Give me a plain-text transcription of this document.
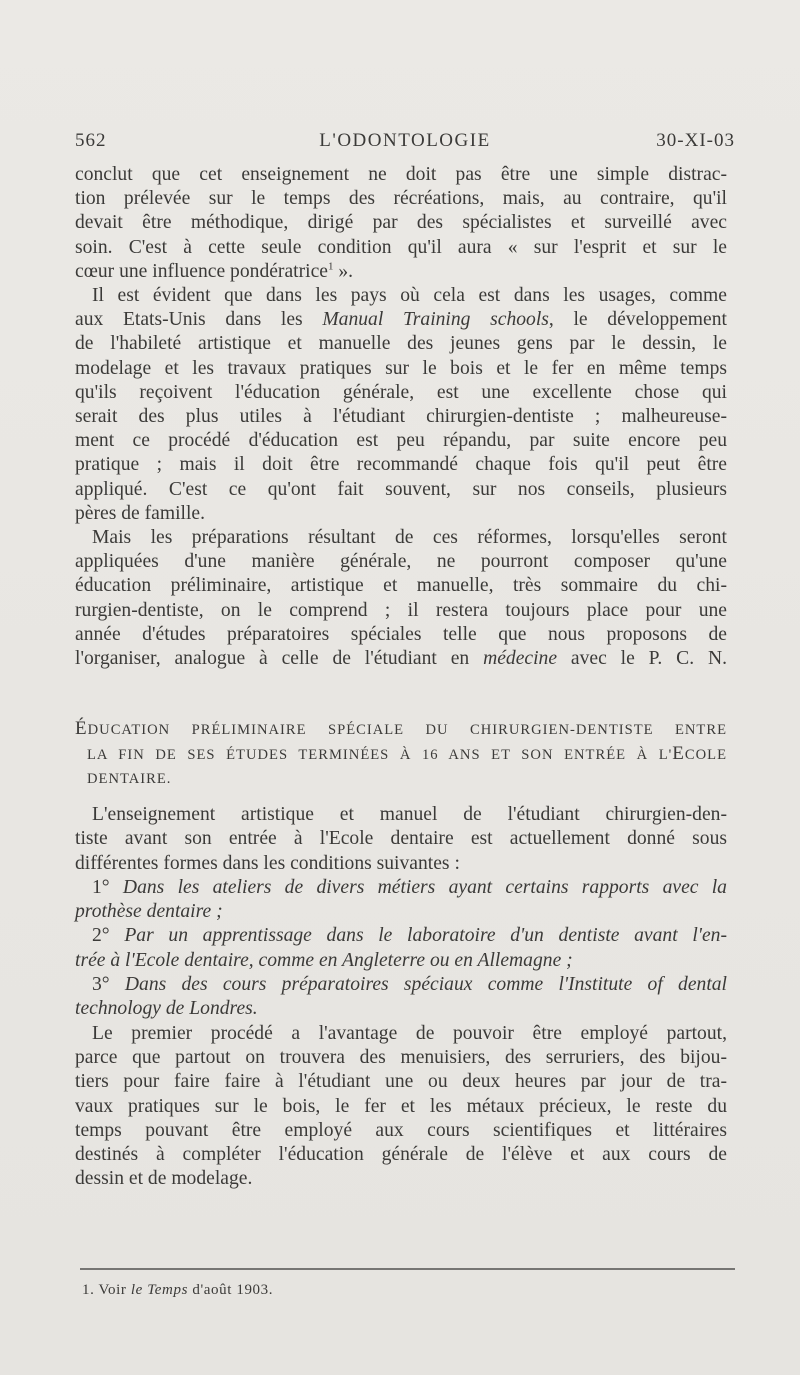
562	L'ODONTOLOGIE	30-XI-03
conclut que cet enseignement ne doit pas être une simple distrac-
tion prélevée sur le temps des récréations, mais, au contraire, qu'il
devait être méthodique, dirigé par des spécialistes et surveillé avec
soin. C'est à cette seule condition qu'il aura « sur l'esprit et sur le
cœur une influence pondératrice$^1$ ».
Il est évident que dans les pays où cela est dans les usages, comme
aux Etats-Unis dans les Manual Training schools, le développement
de l'habileté artistique et manuelle des jeunes gens par le dessin, le
modelage et les travaux pratiques sur le bois et le fer en même temps
qu'ils reçoivent l'éducation générale, est une excellente chose qui
serait des plus utiles à l'étudiant chirurgien-dentiste ; malheureuse-
ment ce procédé d'éducation est peu répandu, par suite encore peu
pratique ; mais il doit être recommandé chaque fois qu'il peut être
appliqué. C'est ce qu'ont fait souvent, sur nos conseils, plusieurs
pères de famille.
Mais les préparations résultant de ces réformes, lorsqu'elles seront
appliquées d'une manière générale, ne pourront composer qu'une
éducation préliminaire, artistique et manuelle, très sommaire du chi-
rurgien-dentiste, on le comprend ; il restera toujours place pour une
année d'études préparatoires spéciales telle que nous proposons de
l'organiser, analogue à celle de l'étudiant en médecine avec le P. C. N.
ÉDUCATION PRÉLIMINAIRE SPÉCIALE DU CHIRURGIEN-DENTISTE ENTRE
LA FIN DE SES ÉTUDES TERMINÉES À 16 ANS ET SON ENTRÉE À L'ECOLE
DENTAIRE.
L'enseignement artistique et manuel de l'étudiant chirurgien-den-
tiste avant son entrée à l'Ecole dentaire est actuellement donné sous
différentes formes dans les conditions suivantes :
1° Dans les ateliers de divers métiers ayant certains rapports avec la
prothèse dentaire ;
2° Par un apprentissage dans le laboratoire d'un dentiste avant l'en-
trée à l'Ecole dentaire, comme en Angleterre ou en Allemagne ;
3° Dans des cours préparatoires spéciaux comme l'Institute of dental
technology de Londres.
Le premier procédé a l'avantage de pouvoir être employé partout,
parce que partout on trouvera des menuisiers, des serruriers, des bijou-
tiers pour faire faire à l'étudiant une ou deux heures par jour de tra-
vaux pratiques sur le bois, le fer et les métaux précieux, le reste du
temps pouvant être employé aux cours scientifiques et littéraires
destinés à compléter l'éducation générale de l'élève et aux cours de
dessin et de modelage.
1. Voir le Temps d'août 1903.
